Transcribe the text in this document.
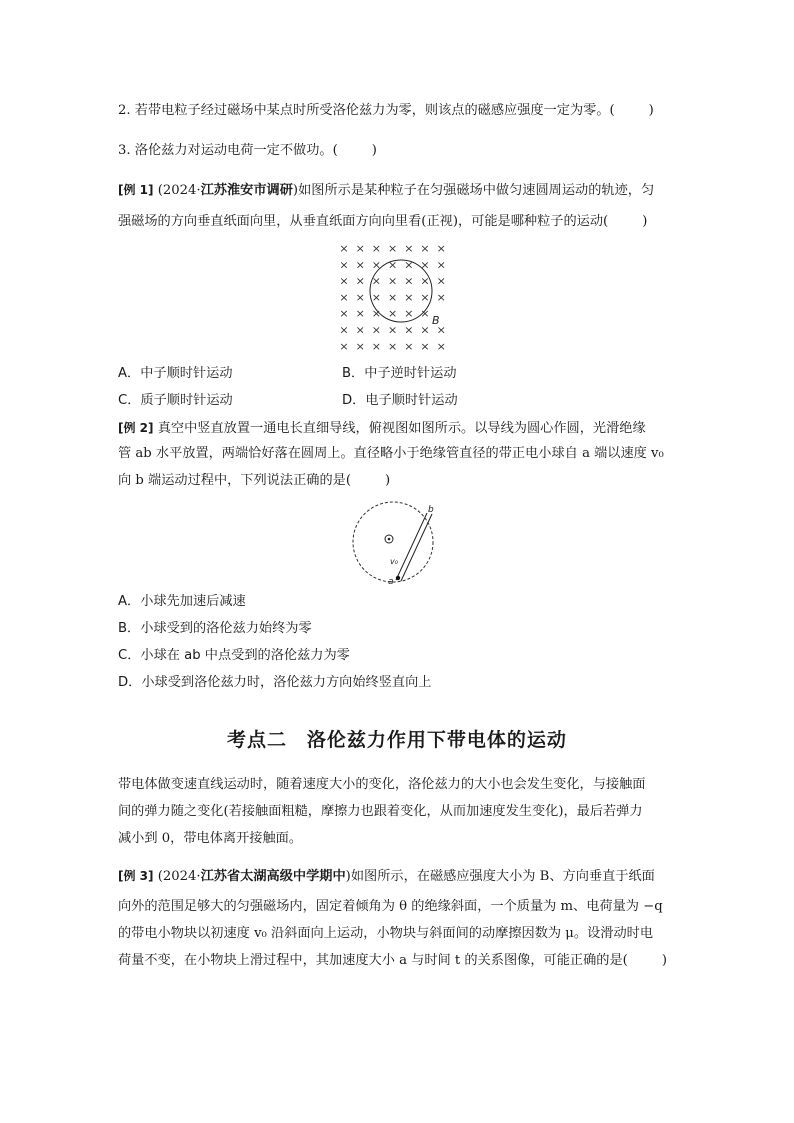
2. 若带电粒子经过磁场中某点时所受洛伦兹力为零，则该点的磁感应强度一定为零。(	)
3. 洛伦兹力对运动电荷一定不做功。(	)
[例 1] (2024·江苏淮安市调研)如图所示是某种粒子在匀强磁场中做匀速圆周运动的轨迹，匀
强磁场的方向垂直纸面向里，从垂直纸面方向向里看(正视)，可能是哪种粒子的运动(	)
× × × × × × ×
× × × × × × ×
× × × × × × ×
× × × × × × ×
× × × × × ×
× × × × × × ×
× × × × × × ×
B
A．中子顺时针运动	B．中子逆时针运动
C．质子顺时针运动	D．电子顺时针运动
[例 2] 真空中竖直放置一通电长直细导线，俯视图如图所示。以导线为圆心作圆，光滑绝缘
管 ab 水平放置，两端恰好落在圆周上。直径略小于绝缘管直径的带正电小球自 a 端以速度 v₀
向 b 端运动过程中，下列说法正确的是(	)
a
b
v₀
A．小球先加速后减速
B．小球受到的洛伦兹力始终为零
C．小球在 ab 中点受到的洛伦兹力为零
D．小球受到洛伦兹力时，洛伦兹力方向始终竖直向上
考点二 洛伦兹力作用下带电体的运动
带电体做变速直线运动时，随着速度大小的变化，洛伦兹力的大小也会发生变化，与接触面
间的弹力随之变化(若接触面粗糙，摩擦力也跟着变化，从而加速度发生变化)，最后若弹力
减小到 0，带电体离开接触面。
[例 3] (2024·江苏省太湖高级中学期中)如图所示，在磁感应强度大小为 B、方向垂直于纸面
向外的范围足够大的匀强磁场内，固定着倾角为 θ 的绝缘斜面，一个质量为 m、电荷量为 −q
的带电小物块以初速度 v₀ 沿斜面向上运动，小物块与斜面间的动摩擦因数为 μ。设滑动时电
荷量不变，在小物块上滑过程中，其加速度大小 a 与时间 t 的关系图像，可能正确的是(	)
